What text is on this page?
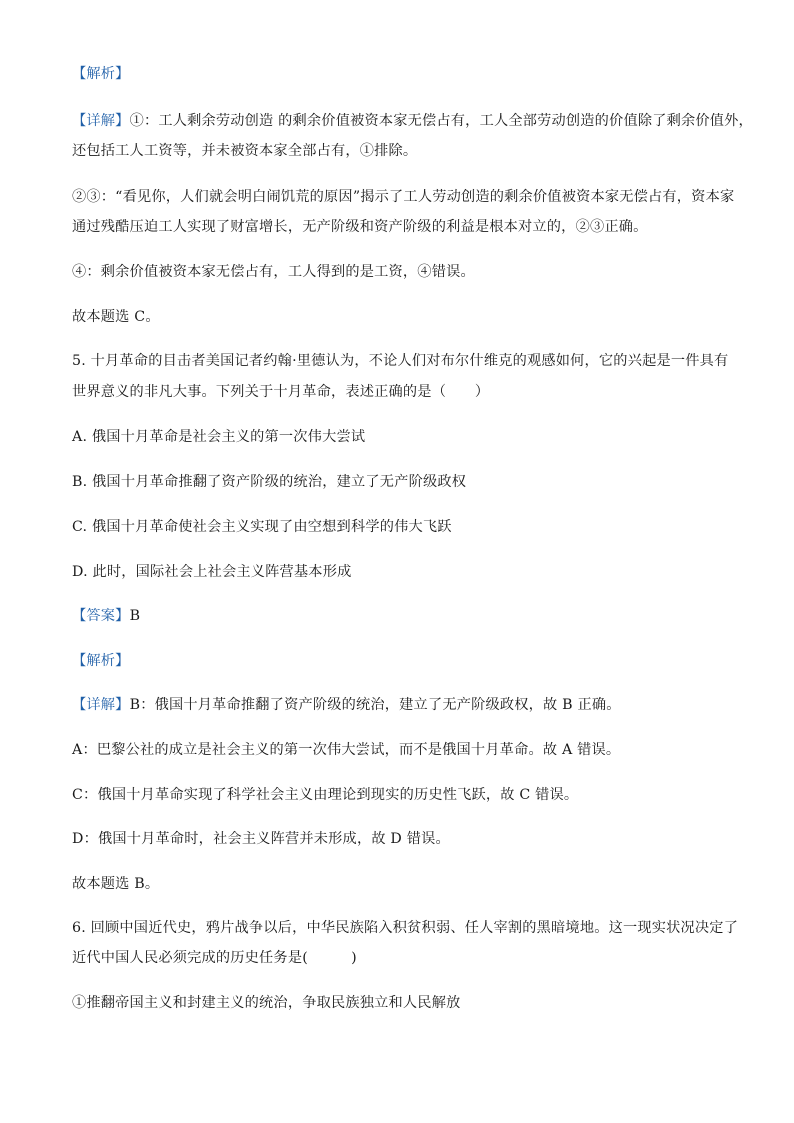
【解析】
【详解】①：工人剩余劳动创造 的剩余价值被资本家无偿占有，工人全部劳动创造的价值除了剩余价值外，
还包括工人工资等，并未被资本家全部占有，①排除。
②③：“看见你，人们就会明白闹饥荒的原因”揭示了工人劳动创造的剩余价值被资本家无偿占有，资本家
通过残酷压迫工人实现了财富增长，无产阶级和资产阶级的利益是根本对立的，②③正确。
④：剩余价值被资本家无偿占有，工人得到的是工资，④错误。
故本题选 C。
5. 十月革命的目击者美国记者约翰·里德认为，不论人们对布尔什维克的观感如何，它的兴起是一件具有
世界意义的非凡大事。下列关于十月革命，表述正确的是（　　）
A. 俄国十月革命是社会主义的第一次伟大尝试
B. 俄国十月革命推翻了资产阶级的统治，建立了无产阶级政权
C. 俄国十月革命使社会主义实现了由空想到科学的伟大飞跃
D. 此时，国际社会上社会主义阵营基本形成
【答案】B
【解析】
【详解】B：俄国十月革命推翻了资产阶级的统治，建立了无产阶级政权，故 B 正确。
A：巴黎公社的成立是社会主义的第一次伟大尝试，而不是俄国十月革命。故 A 错误。
C：俄国十月革命实现了科学社会主义由理论到现实的历史性飞跃，故 C 错误。
D：俄国十月革命时，社会主义阵营并未形成，故 D 错误。
故本题选 B。
6. 回顾中国近代史，鸦片战争以后，中华民族陷入积贫积弱、任人宰割的黑暗境地。这一现实状况决定了
近代中国人民必须完成的历史任务是(　　　)
①推翻帝国主义和封建主义的统治，争取民族独立和人民解放
